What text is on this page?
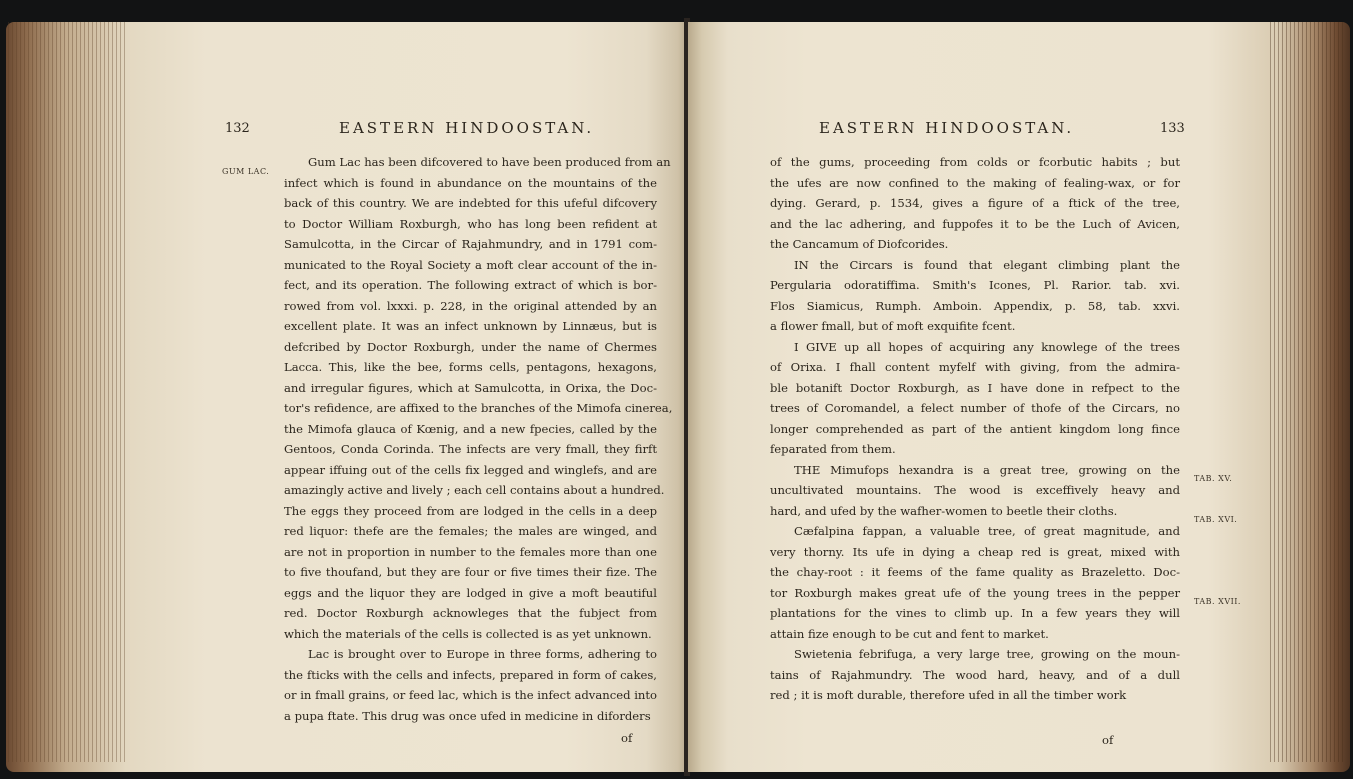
132	EASTERN HINDOOSTAN.
GUM LAC.
Gum Lac has been difcovered to have been produced from an
infect which is found in abundance on the mountains of the
back of this country. We are indebted for this ufeful difcovery
to Doctor William Roxburgh, who has long been refident at
Samulcotta, in the Circar of Rajahmundry, and in 1791 com-
municated to the Royal Society a moft clear account of the in-
fect, and its operation. The following extract of which is bor-
rowed from vol. lxxxi. p. 228, in the original attended by an
excellent plate. It was an infect unknown by Linnæus, but is
defcribed by Doctor Roxburgh, under the name of Chermes
Lacca. This, like the bee, forms cells, pentagons, hexagons,
and irregular figures, which at Samulcotta, in Orixa, the Doc-
tor's refidence, are affixed to the branches of the Mimofa cinerea,
the Mimofa glauca of Kœnig, and a new fpecies, called by the
Gentoos, Conda Corinda. The infects are very fmall, they firft
appear iffuing out of the cells fix legged and winglefs, and are
amazingly active and lively ; each cell contains about a hundred.
The eggs they proceed from are lodged in the cells in a deep
red liquor: thefe are the females; the males are winged, and
are not in proportion in number to the females more than one
to five thoufand, but they are four or five times their fize. The
eggs and the liquor they are lodged in give a moft beautiful
red. Doctor Roxburgh acknowleges that the fubject from
which the materials of the cells is collected is as yet unknown.
Lac is brought over to Europe in three forms, adhering to
the fticks with the cells and infects, prepared in form of cakes,
or in fmall grains, or feed lac, which is the infect advanced into
a pupa ftate. This drug was once ufed in medicine in diforders
of
EASTERN HINDOOSTAN.	133
of the gums, proceeding from colds or fcorbutic habits ; but
the ufes are now confined to the making of fealing-wax, or for
dying. Gerard, p. 1534, gives a figure of a ftick of the tree,
and the lac adhering, and fuppofes it to be the Luch of Avicen,
the Cancamum of Diofcorides.
IN the Circars is found that elegant climbing plant the
Pergularia odoratiffima. Smith's Icones, Pl. Rarior. tab. xvi.
Flos Siamicus, Rumph. Amboin. Appendix, p. 58, tab. xxvi.
a flower fmall, but of moft exquifite fcent.
I GIVE up all hopes of acquiring any knowlege of the trees
of Orixa. I fhall content myfelf with giving, from the admira-
ble botanift Doctor Roxburgh, as I have done in refpect to the
trees of Coromandel, a felect number of thofe of the Circars, no
longer comprehended as part of the antient kingdom long fince
feparated from them.
THE Mimufops hexandra is a great tree, growing on the
uncultivated mountains. The wood is exceffively heavy and
hard, and ufed by the wafher-women to beetle their cloths.
Cæfalpina fappan, a valuable tree, of great magnitude, and
very thorny. Its ufe in dying a cheap red is great, mixed with
the chay-root : it feems of the fame quality as Brazeletto. Doc-
tor Roxburgh makes great ufe of the young trees in the pepper
plantations for the vines to climb up. In a few years they will
attain fize enough to be cut and fent to market.
Swietenia febrifuga, a very large tree, growing on the moun-
tains of Rajahmundry. The wood hard, heavy, and of a dull
red ; it is moft durable, therefore ufed in all the timber work
of
TAB. XV.
TAB. XVI.
TAB. XVII.
